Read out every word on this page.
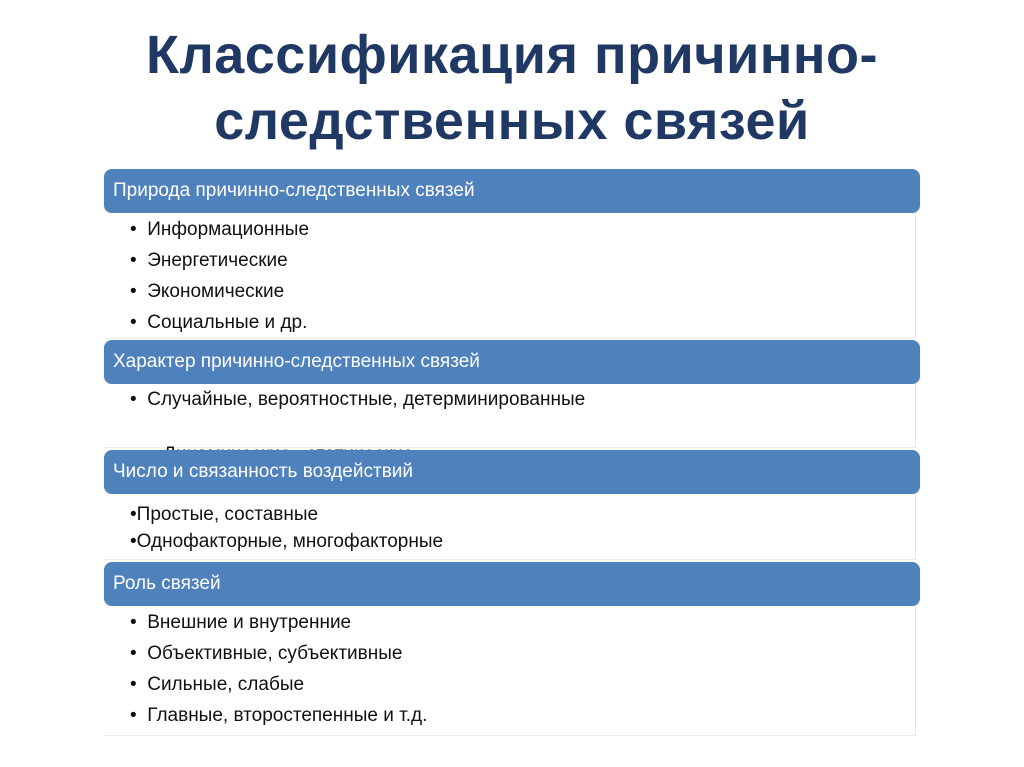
Классификация причинно-
следственных связей
Природа причинно-следственных связей
•  Информационные
•  Энергетические
•  Экономические
•  Социальные и др.
Характер причинно-следственных связей
•  Случайные, вероятностные, детерминированные

Число и связанность воздействий
•Простые, составные
•Однофакторные, многофакторные
Роль связей
•  Внешние и внутренние
•  Объективные, субъективные
•  Сильные, слабые
•  Главные, второстепенные и т.д.
